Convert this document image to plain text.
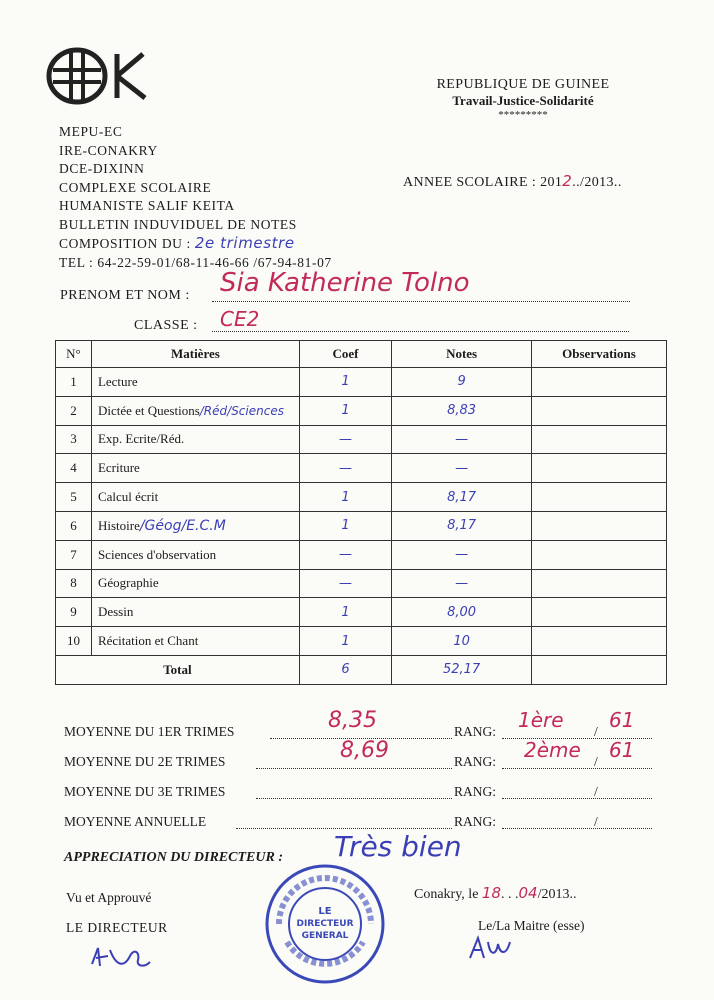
MEPU-EC
IRE-CONAKRY
DCE-DIXINN
COMPLEXE SCOLAIRE
HUMANISTE SALIF KEITA
BULLETIN INDUVIDUEL DE NOTES
COMPOSITION DU : 2e trimestre
TEL : 64-22-59-01/68-11-46-66 /67-94-81-07
REPUBLIQUE DE GUINEE
Travail-Justice-Solidarité
*********
ANNEE SCOLAIRE : 2012../2013..
PRENOM ET NOM : Sia Katherine Tolno
CLASSE : CE2
N°	Matières	Coef	Notes	Observations
1	Lecture	1	9	
2	Dictée et Questions/Réd/Sciences	1	8,83	
3	Exp. Ecrite/Réd.	—	—	
4	Ecriture	—	—	
5	Calcul écrit	1	8,17	
6	Histoire/Géog/E.C.M	1	8,17	
7	Sciences d'observation	—	—	
8	Géographie	—	—	
9	Dessin	1	8,00	
10	Récitation et Chant	1	10	
Total		6	52,17	
MOYENNE DU 1ER TRIMES	8,35	RANG: 1ère / 61
MOYENNE DU 2E TRIMES	8,69	RANG: 2ème / 61
MOYENNE DU 3E TRIMES	RANG:	/
MOYENNE ANNUELLE	RANG:	/
APPRECIATION DU DIRECTEUR : Très bien
Vu et Approuvé
LE DIRECTEUR
LE
DIRECTEUR
GENERAL
Conakry, le 18. . .04/2013..
Le/La Maitre (esse)
